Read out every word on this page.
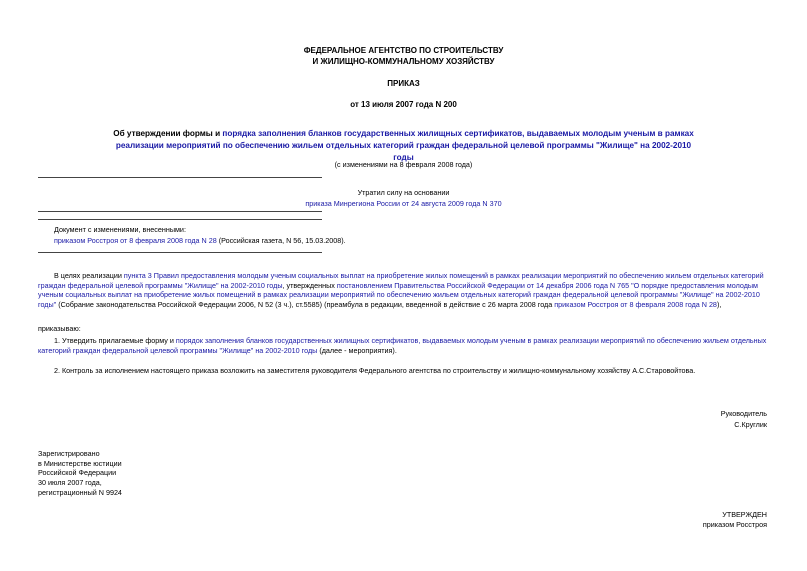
ФЕДЕРАЛЬНОЕ АГЕНТСТВО ПО СТРОИТЕЛЬСТВУ
И ЖИЛИЩНО-КОММУНАЛЬНОМУ ХОЗЯЙСТВУ
ПРИКАЗ
от 13 июля 2007 года N 200
Об утверждении формы и порядка заполнения бланков государственных жилищных сертификатов, выдаваемых молодым ученым в рамках реализации мероприятий по обеспечению жильем отдельных категорий граждан федеральной целевой программы "Жилище" на 2002-2010 годы
(с изменениями на 8 февраля 2008 года)
Утратил силу на основании
приказа Минрегиона России от 24 августа 2009 года N 370
Документ с изменениями, внесенными:
приказом Росстроя от 8 февраля 2008 года N 28 (Российская газета, N 56, 15.03.2008).
В целях реализации пункта 3 Правил предоставления молодым ученым социальных выплат на приобретение жилых помещений в рамках реализации мероприятий по обеспечению жильем отдельных категорий граждан федеральной целевой программы "Жилище" на 2002-2010 годы, утвержденных постановлением Правительства Российской Федерации от 14 декабря 2006 года N 765 "О порядке предоставления молодым ученым социальных выплат на приобретение жилых помещений в рамках реализации мероприятий по обеспечению жильем отдельных категорий граждан федеральной целевой программы "Жилище" на 2002-2010 годы" (Собрание законодательства Российской Федерации 2006, N 52 (3 ч.), ст.5585) (преамбула в редакции, введенной в действие с 26 марта 2008 года приказом Росстроя от 8 февраля 2008 года N 28),
приказываю:
1. Утвердить прилагаемые форму и порядок заполнения бланков государственных жилищных сертификатов, выдаваемых молодым ученым в рамках реализации мероприятий по обеспечению жильем отдельных категорий граждан федеральной целевой программы "Жилище" на 2002-2010 годы (далее - мероприятия).
2. Контроль за исполнением настоящего приказа возложить на заместителя руководителя Федерального агентства по строительству и жилищно-коммунальному хозяйству А.С.Старовойтова.
Руководитель
С.Круглик
Зарегистрировано
в Министерстве юстиции
Российской Федерации
30 июля 2007 года,
регистрационный N 9924
УТВЕРЖДЕН
приказом Росстроя
